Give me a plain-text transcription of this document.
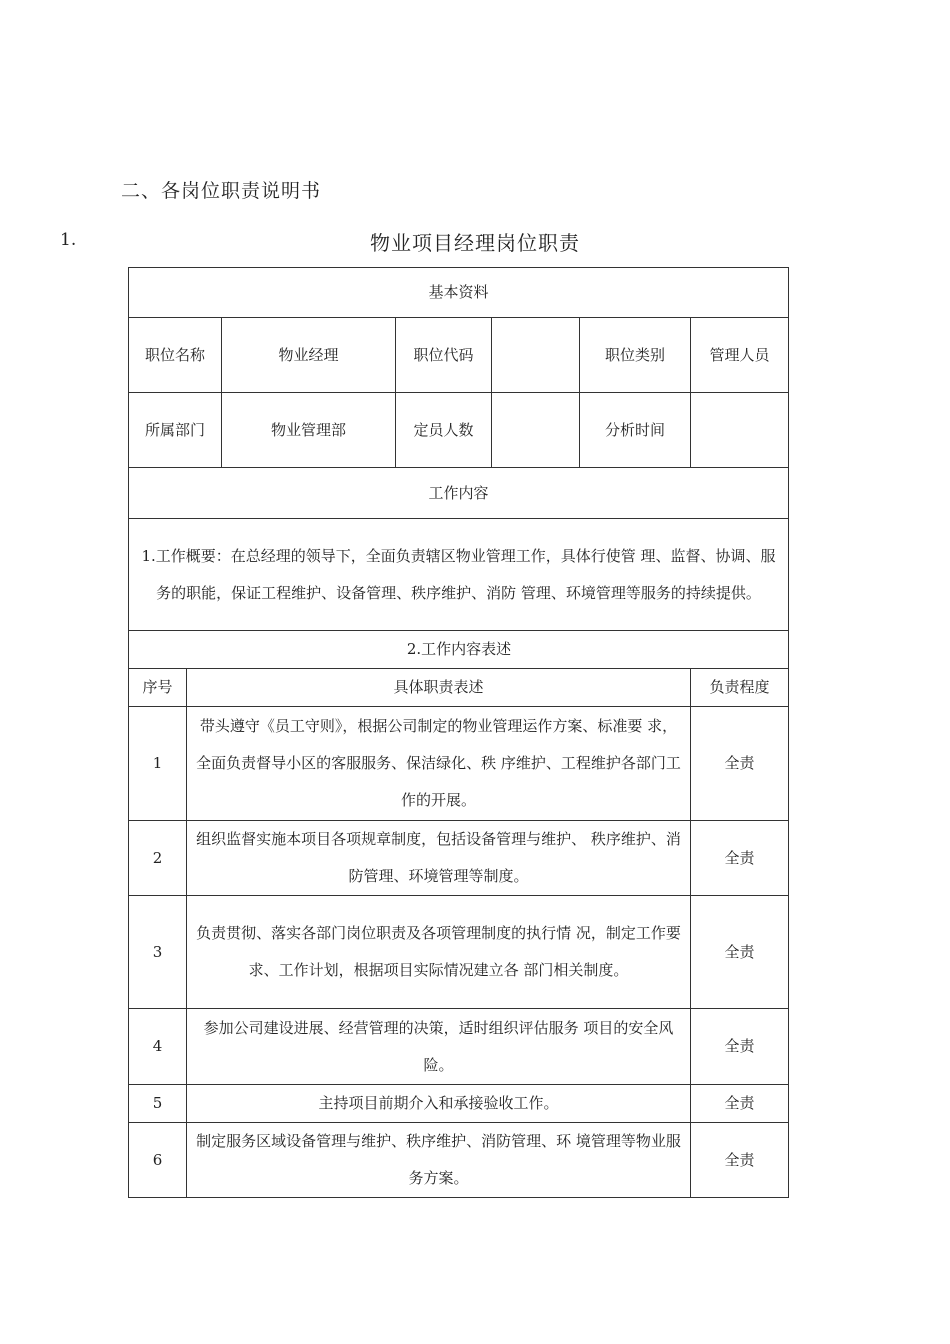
二、各岗位职责说明书
1.	物业项目经理岗位职责
基本资料						

职位名称		物业经理	职位代码		职位类别	管理人员

所属部门		物业管理部	定员人数		分析时间	
工作内容						
1.工作概要：在总经理的领导下，全面负责辖区物业管理工作，具体行使管 理、监督、协调、服务的职能，保证工程维护、设备管理、秩序维护、消防 管理、环境管理等服务的持续提供。						
2.工作内容表述						
序号	具体职责表述					负责程度
1	带头遵守《员工守则》，根据公司制定的物业管理运作方案、标准要 求，全面负责督导小区的客服服务、保洁绿化、秩 序维护、工程维护各部门工作的开展。					全责
2	组织监督实施本项目各项规章制度，包括设备管理与维护、 秩序维护、消防管理、环境管理等制度。					全责
3	负责贯彻、落实各部门岗位职责及各项管理制度的执行情 况，制定工作要求、工作计划，根据项目实际情况建立各 部门相关制度。					全责
4	参加公司建设进展、经营管理的决策，适时组织评估服务 项目的安全风险。					全责
5	主持项目前期介入和承接验收工作。					全责
6	制定服务区域设备管理与维护、秩序维护、消防管理、环 境管理等物业服务方案。					全责
